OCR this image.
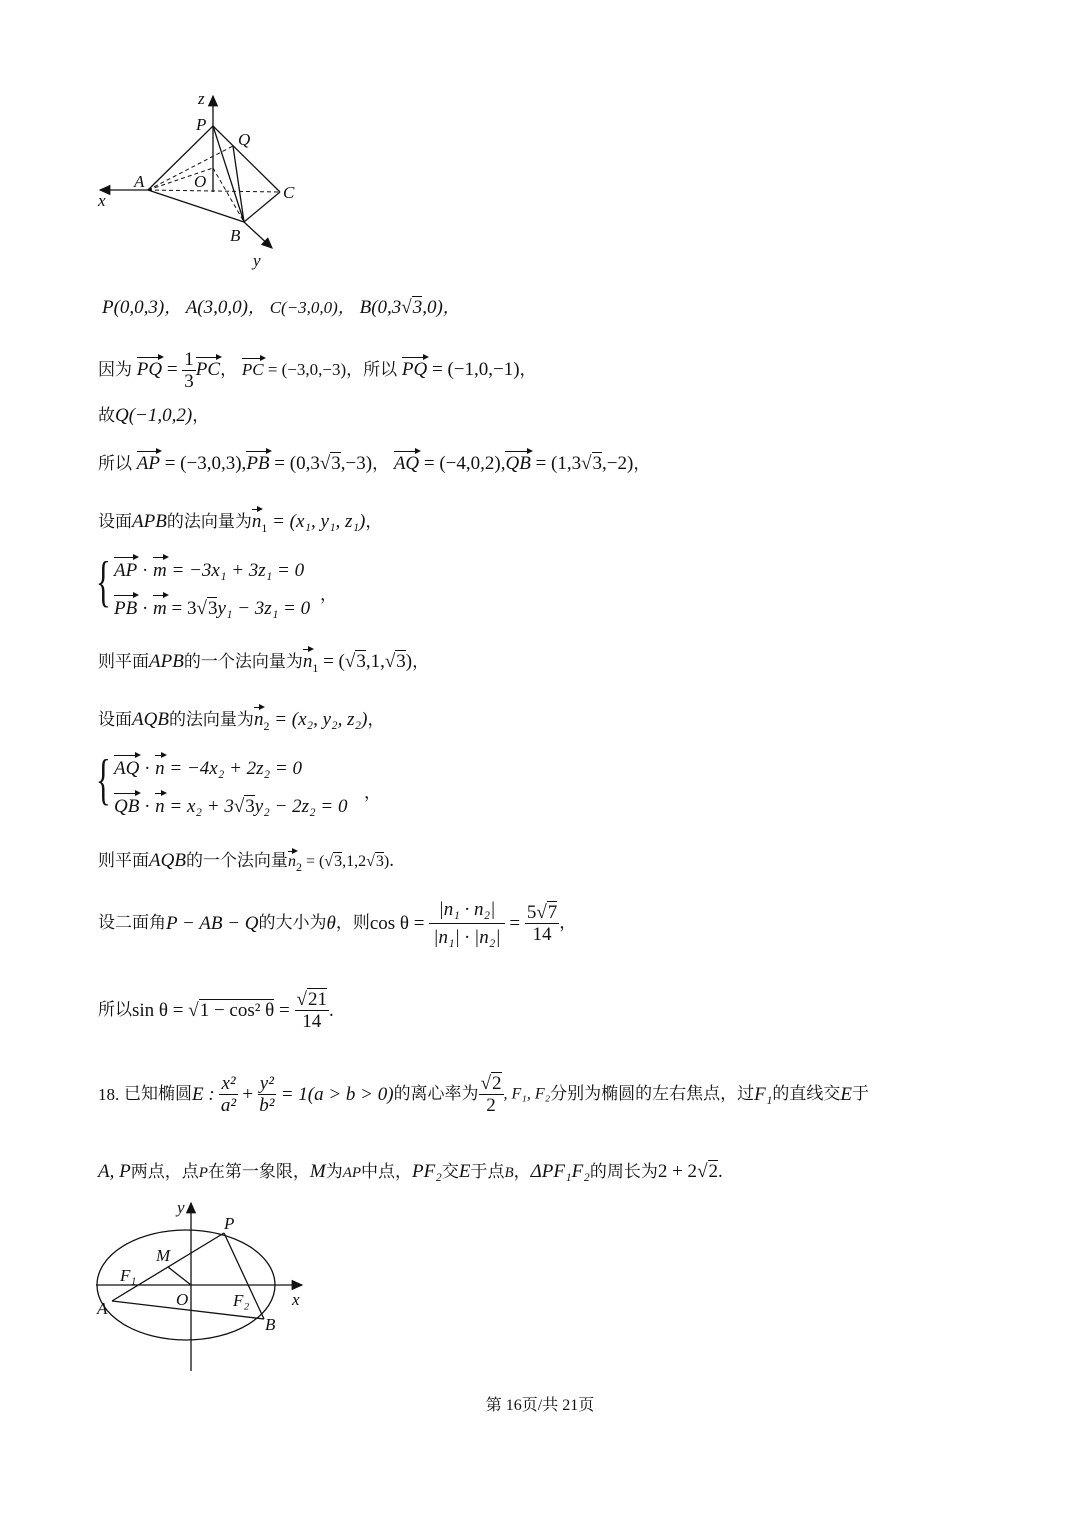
z
P
Q
A	O
C
x
B
y
P(0,0,3)， A(3,0,0)， C(−3,0,0)， B(0,3√3,0)，
因为 PQ = $\frac{1}{3}$ PC， PC = (−3,0,−3)，所以 PQ = (−1,0,−1)，
故Q(−1,0,2)，
所以 AP = (−3,0,3),PB = (0,3√3,−3)， AQ = (−4,0,2),QB = (1,3√3,−2)，
设面APB的法向量为$n_1 = (x_1$, y₁, z₁)，
{ AP · m = −3x₁ + 3z₁ = 0
PB · m = 3√3y₁ − 3z₁ = 0
，
则平面APB的一个法向量为$n_1 = (√3,1,√3)$，
设面AQB的法向量为$n_2 = (x_2$, y₂, z₂)，
{ AQ · n = −4x₂ + 2z₂ = 0
QB · n = x₂ + 3√3y₂ − 2z₂ = 0
，
则平面AQB的一个法向量$n_2 = (√3,1,2√3)$.
设二面角P − AB − Q的大小为θ，则$\cos \theta = \frac{\text{|n₁ · n₂|}}{\text{|n₁| · |n₂|}} = \frac{5√7}{14}$ ，
所以sin θ = √1 − cos² $\theta = \frac{√21}{14}$ .
18. 已知椭圆E : $\frac{\text{x²}}{\text{a²}} + \frac{\text{y²}}{\text{b²}} = 1(a > b > 0)$的离心率为 $\frac{√2}{2}$ , F₁, F₂分别为椭圆的左右焦点，过F₁的直线交E于
A, P两点，点P在第一象限，M为AP中点，PF₂交E于点B，ΔPF₁F₂的周长为2 + 2√2.
y
P
M
F₁
A	O	F₂	x
B
第 16页/共 21页
